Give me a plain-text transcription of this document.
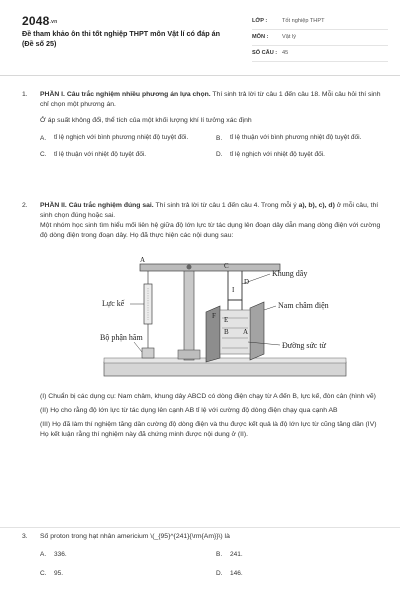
2048.vn
Đề tham khảo ôn thi tốt nghiệp THPT môn Vật lí có đáp án (Đề số 25)
LỚP :	Tốt nghiệp THPT
MÔN :	Vật lý
SỐ CÂU : 45
1. PHẦN I. Câu trắc nghiệm nhiều phương án lựa chọn. Thí sinh trả lời từ câu 1 đến câu 18. Mỗi câu hỏi thí sinh chỉ chọn một phương án.

Ở áp suất không đổi, thể tích của một khối lượng khí lí tưởng xác định

A.	tỉ lệ nghịch với bình phương nhiệt độ tuyệt đối.	B.	tỉ lệ thuận với bình phương nhiệt độ tuyệt đối.
C.	tỉ lệ thuận với nhiệt độ tuyệt đối.	D.	tỉ lệ nghịch với nhiệt độ tuyệt đối.
2. PHẦN II. Câu trắc nghiệm đúng sai. Thí sinh trả lời từ câu 1 đến câu 4. Trong mỗi ý a), b), c), d) ở mỗi câu, thí sinh chọn đúng hoặc sai.

Một nhóm học sinh tìm hiểu mối liên hệ giữa độ lớn lực từ tác dụng lên đoạn dây dẫn mang dòng điện với cường độ dòng điện trong đoạn dây. Họ đã thực hiện các nội dung sau:

Lực kế
Khung dây
Nam châm điện
Bộ phận hãm
Đường sức từ
A
C
D
I
B A
E
F

(I) Chuẩn bị các dụng cụ: Nam châm, khung dây ABCD có dòng điện chạy từ A đến B, lực kế, đòn cân (hình vẽ)

(II) Họ cho rằng độ lớn lực từ tác dụng lên cạnh AB tỉ lệ với cường độ dòng điện chạy qua cạnh AB

(III) Họ đã làm thí nghiệm tăng dần cường độ dòng điện và thu được kết quả là độ lớn lực từ cũng tăng dần (IV) Họ kết luận rằng thí nghiệm này đã chứng minh được nội dung ở (II).

3. Số proton trong hạt nhân americium \(_{95}^{241}{\rm{Am}}\) là

A.	336.	B.	241.
C.	95.	D.	146.
